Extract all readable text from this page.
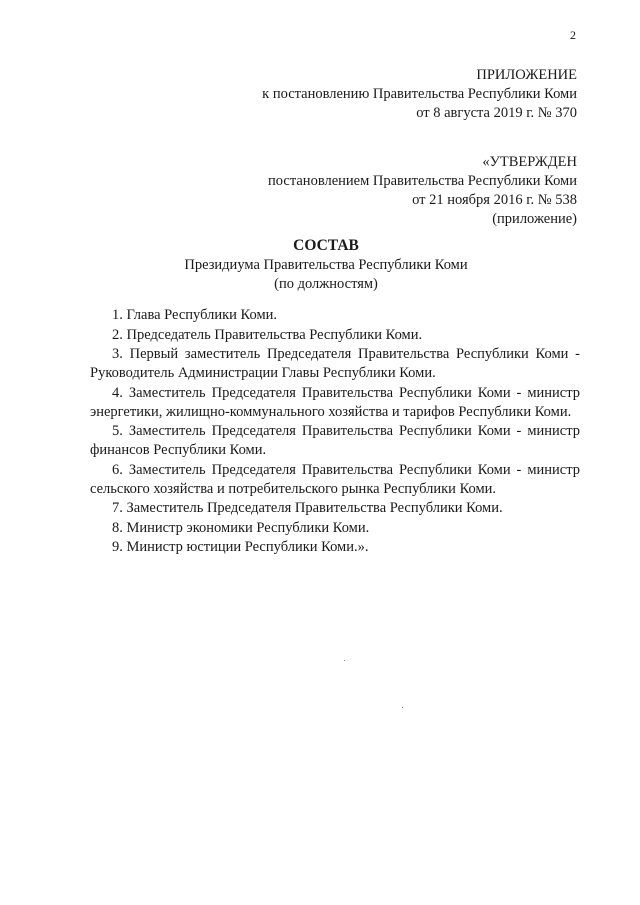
2
ПРИЛОЖЕНИЕ
к постановлению Правительства Республики Коми
от 8 августа 2019 г. № 370
«УТВЕРЖДЕН
постановлением Правительства Республики Коми
от 21 ноября 2016 г. № 538
(приложение)
СОСТАВ
Президиума Правительства Республики Коми
(по должностям)

1. Глава Республики Коми.

2. Председатель Правительства Республики Коми.

3. Первый заместитель Председателя Правительства Республики Коми - Руководитель Администрации Главы Республики Коми.

4. Заместитель Председателя Правительства Республики Коми - министр энергетики, жилищно-коммунального хозяйства и тарифов Республики Коми.

5. Заместитель Председателя Правительства Республики Коми - министр финансов Республики Коми.

6. Заместитель Председателя Правительства Республики Коми - министр сельского хозяйства и потребительского рынка Республики Коми.

7. Заместитель Председателя Правительства Республики Коми.

8. Министр экономики Республики Коми.

9. Министр юстиции Республики Коми.».
